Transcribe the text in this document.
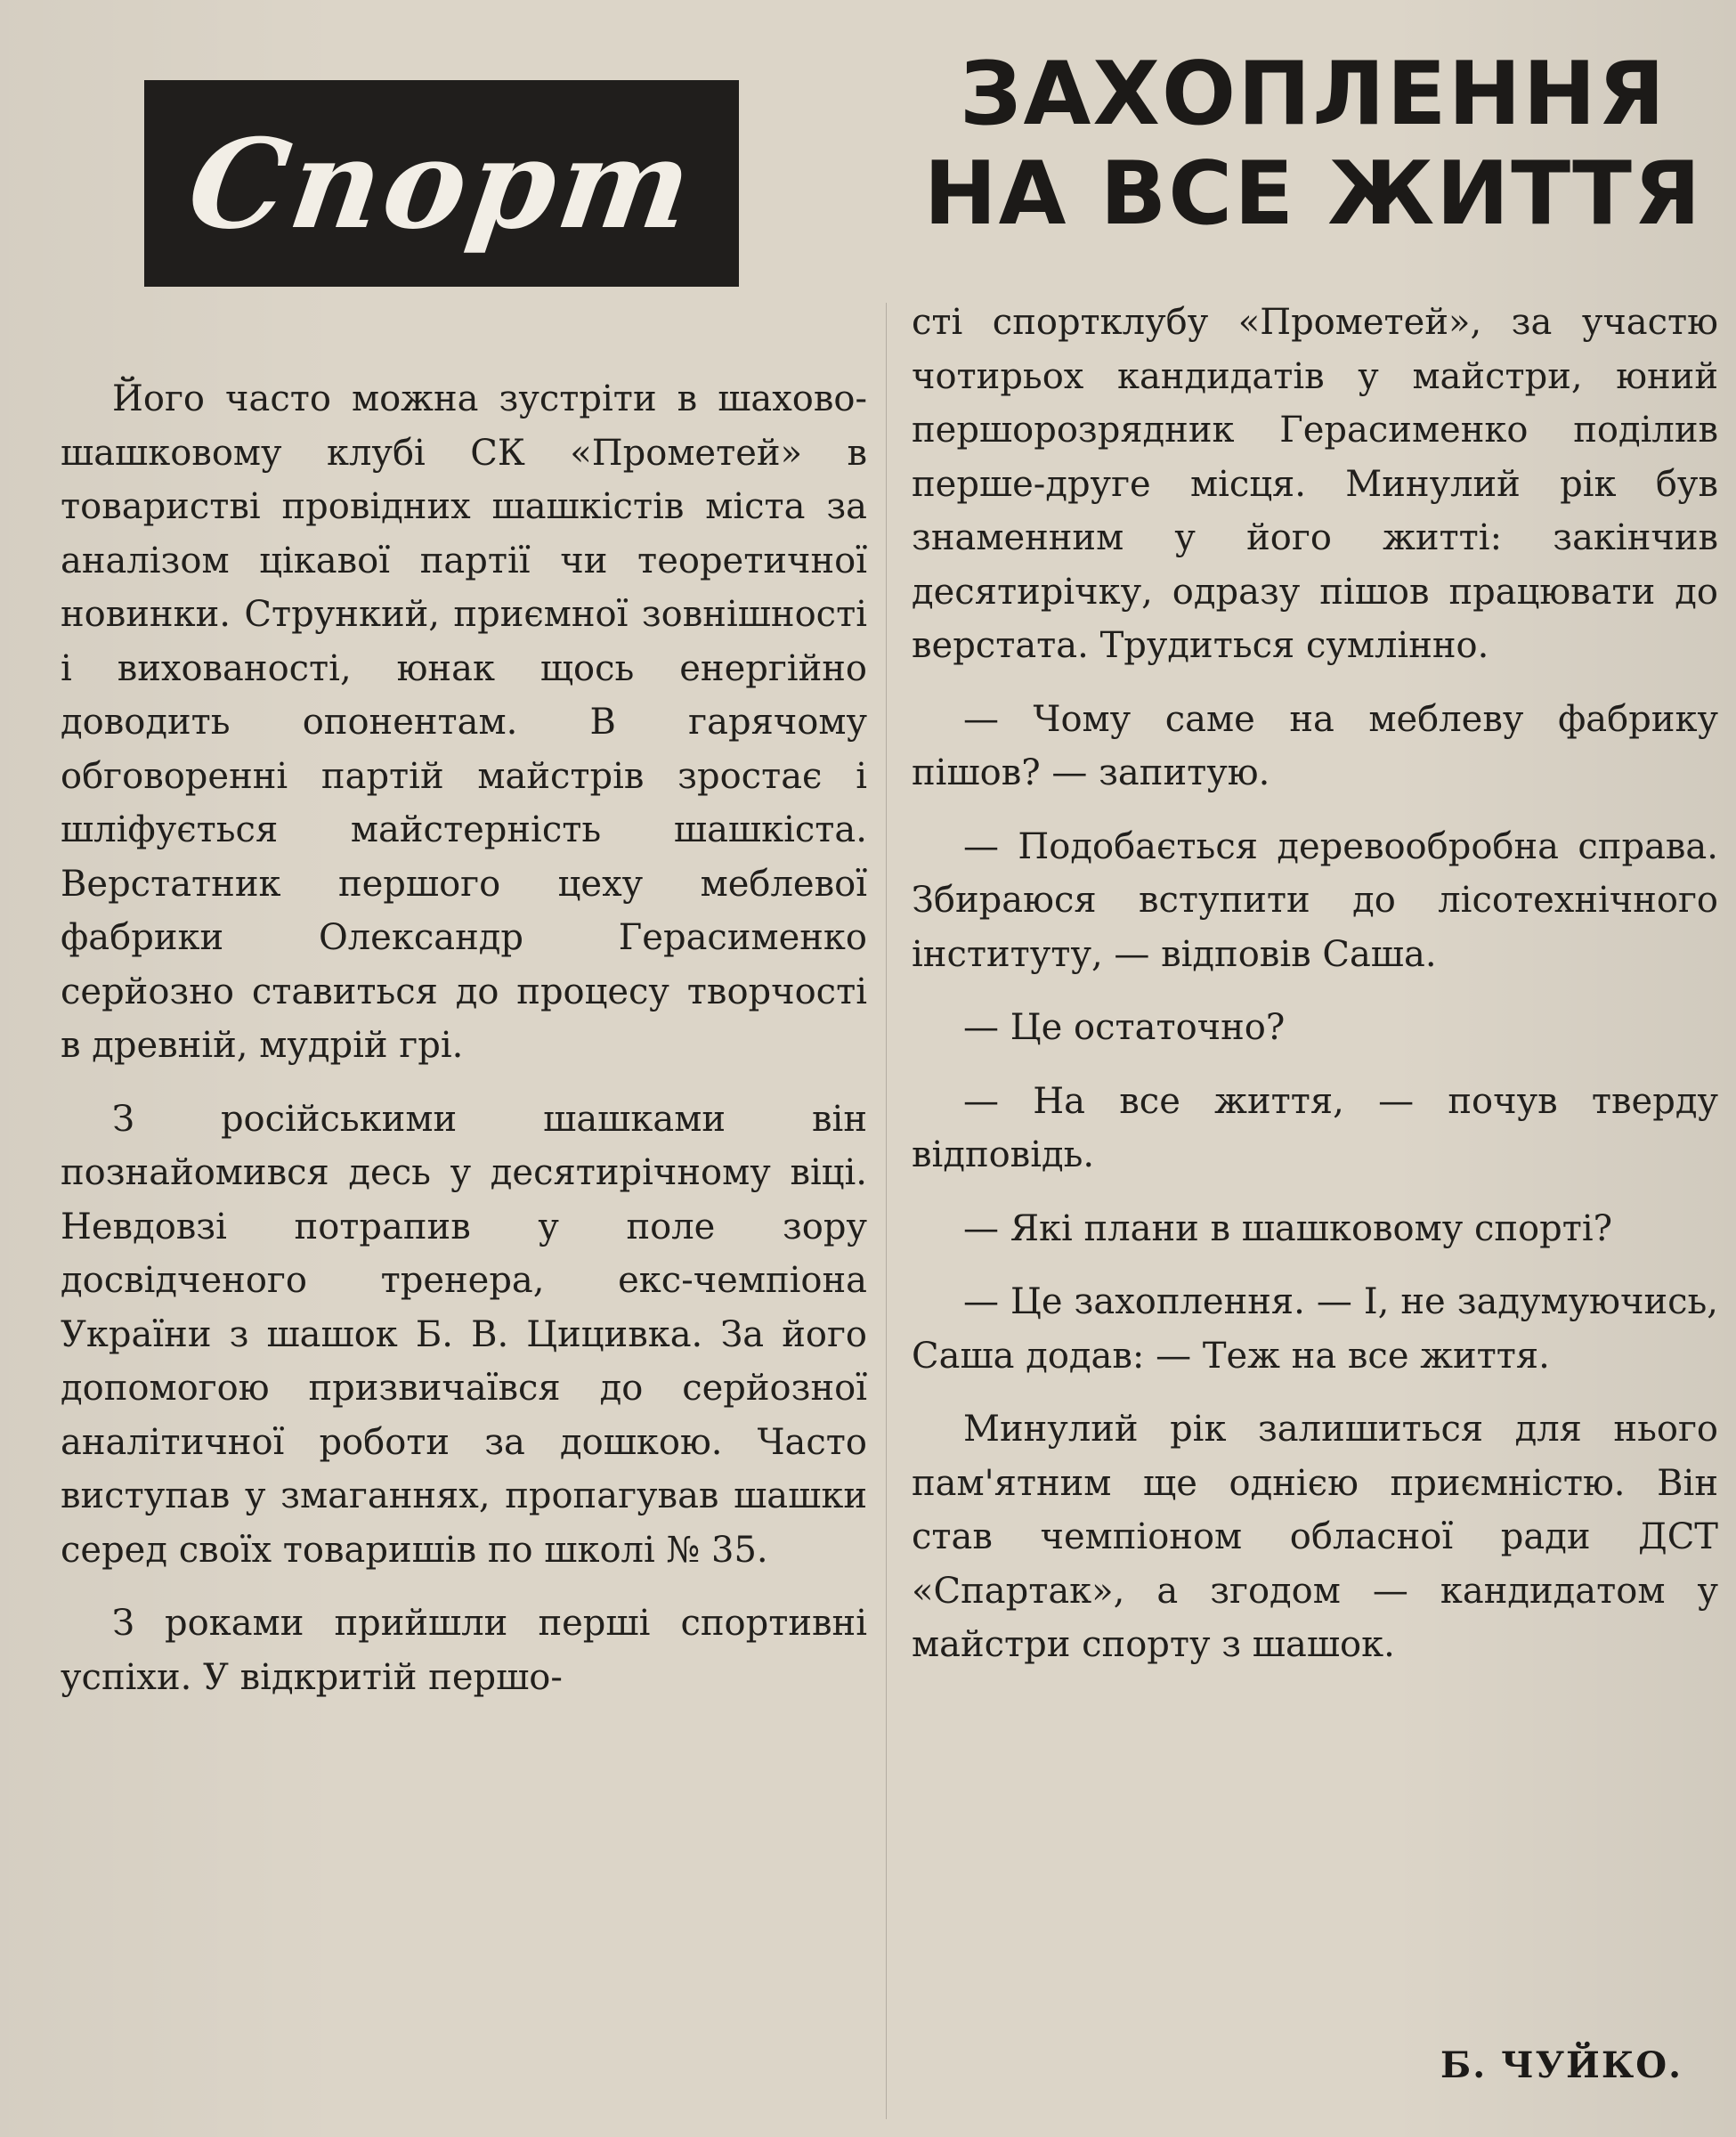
Спорт
ЗАХОПЛЕННЯ
НА ВСЕ ЖИТТЯ

Його часто можна зустріти в шахово-шашковому клубі СК «Прометей» в товаристві провідних шашкістів міста за аналізом цікавої партії чи теоретичної новинки. Стрункий, приємної зовнішності і вихованості, юнак щось енергійно доводить опонентам. В гарячому обговоренні партій майстрів зростає і шліфується майстерність шашкіста. Верстатник першого цеху меблевої фабрики Олександр Герасименко серйозно ставиться до процесу творчості в древній, мудрій грі.

З російськими шашками він познайомився десь у десятирічному віці. Невдовзі потрапив у поле зору досвідченого тренера, екс-чемпіона України з шашок Б. В. Цицивка. За його допомогою призвичаївся до серйозної аналітичної роботи за дошкою. Часто виступав у змаганнях, пропагував шашки серед своїх товаришів по школі № 35.

З роками прийшли перші спортивні успіхи. У відкритій першо-

сті спортклубу «Прометей», за участю чотирьох кандидатів у майстри, юний першорозрядник Герасименко поділив перше-друге місця. Минулий рік був знаменним у його житті: закінчив десятирічку, одразу пішов працювати до верстата. Трудиться сумлінно.

— Чому саме на меблеву фабрику пішов? — запитую.

— Подобається деревообробна справа. Збираюся вступити до лісотехнічного інституту, — відповів Саша.

— Це остаточно?

— На все життя, — почув тверду відповідь.

— Які плани в шашковому спорті?

— Це захоплення. — І, не задумуючись, Саша додав: — Теж на все життя.

Минулий рік залишиться для нього пам'ятним ще однією приємністю. Він став чемпіоном обласної ради ДСТ «Спартак», а згодом — кандидатом у майстри спорту з шашок.

Б. ЧУЙКО.
